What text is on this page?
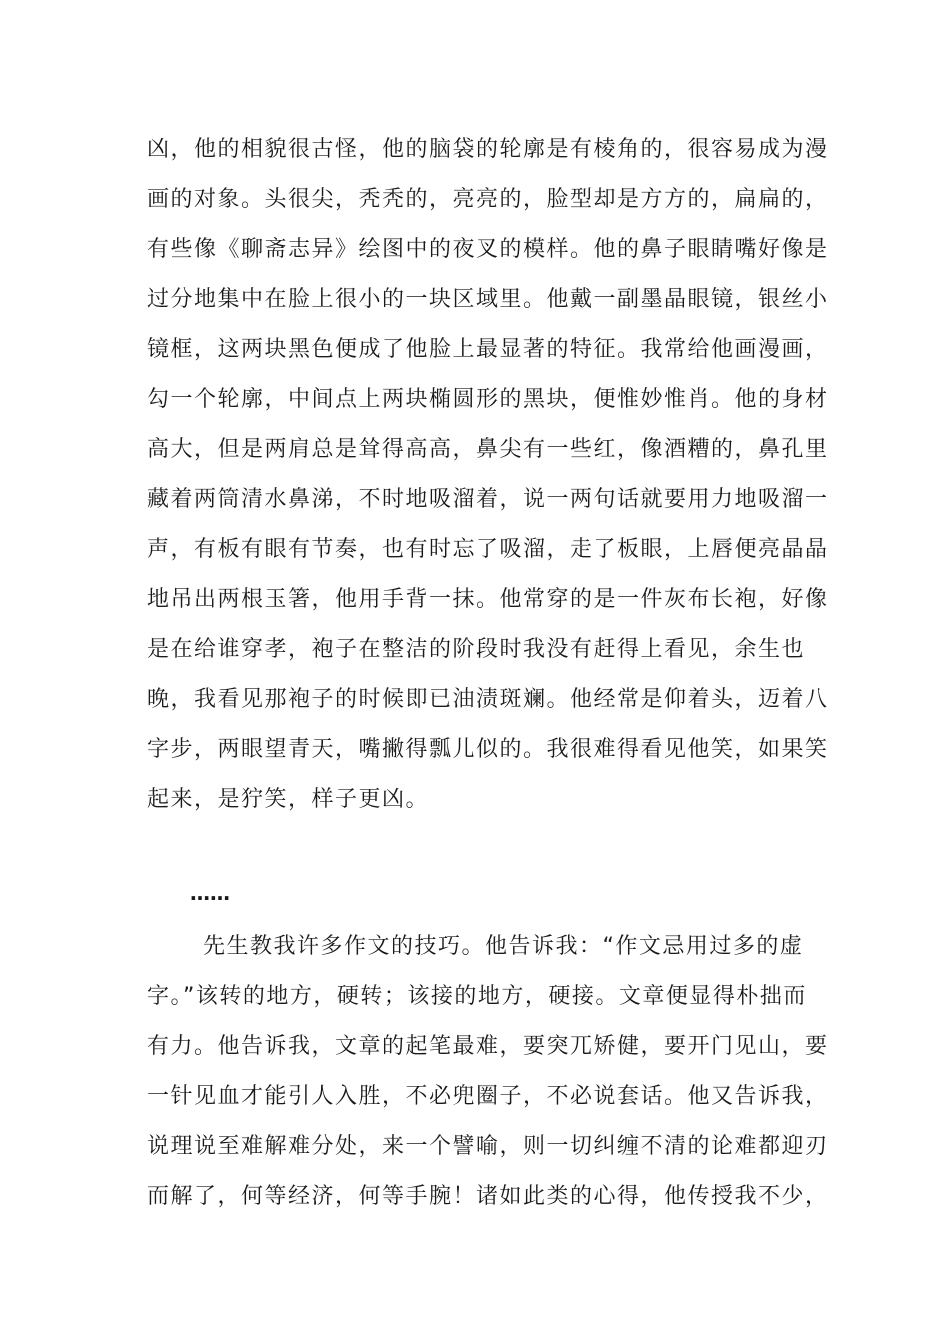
凶，他的相貌很古怪，他的脑袋的轮廓是有棱角的，很容易成为漫
画的对象。头很尖，秃秃的，亮亮的，脸型却是方方的，扁扁的，
有些像《聊斋志异》绘图中的夜叉的模样。他的鼻子眼睛嘴好像是
过分地集中在脸上很小的一块区域里。他戴一副墨晶眼镜，银丝小
镜框，这两块黑色便成了他脸上最显著的特征。我常给他画漫画，
勾一个轮廓，中间点上两块椭圆形的黑块，便惟妙惟肖。他的身材
高大，但是两肩总是耸得高高，鼻尖有一些红，像酒糟的，鼻孔里
藏着两筒清水鼻涕，不时地吸溜着，说一两句话就要用力地吸溜一
声，有板有眼有节奏，也有时忘了吸溜，走了板眼，上唇便亮晶晶
地吊出两根玉箸，他用手背一抹。他常穿的是一件灰布长袍，好像
是在给谁穿孝，袍子在整洁的阶段时我没有赶得上看见，余生也
晚，我看见那袍子的时候即已油渍斑斓。他经常是仰着头，迈着八
字步，两眼望青天，嘴撇得瓢儿似的。我很难得看见他笑，如果笑
起来，是狞笑，样子更凶。
……
先生教我许多作文的技巧。他告诉我：“作文忌用过多的虚
字。”该转的地方，硬转；该接的地方，硬接。文章便显得朴拙而
有力。他告诉我，文章的起笔最难，要突兀矫健，要开门见山，要
一针见血才能引人入胜，不必兜圈子，不必说套话。他又告诉我，
说理说至难解难分处，来一个譬喻，则一切纠缠不清的论难都迎刃
而解了，何等经济，何等手腕！诸如此类的心得，他传授我不少，
